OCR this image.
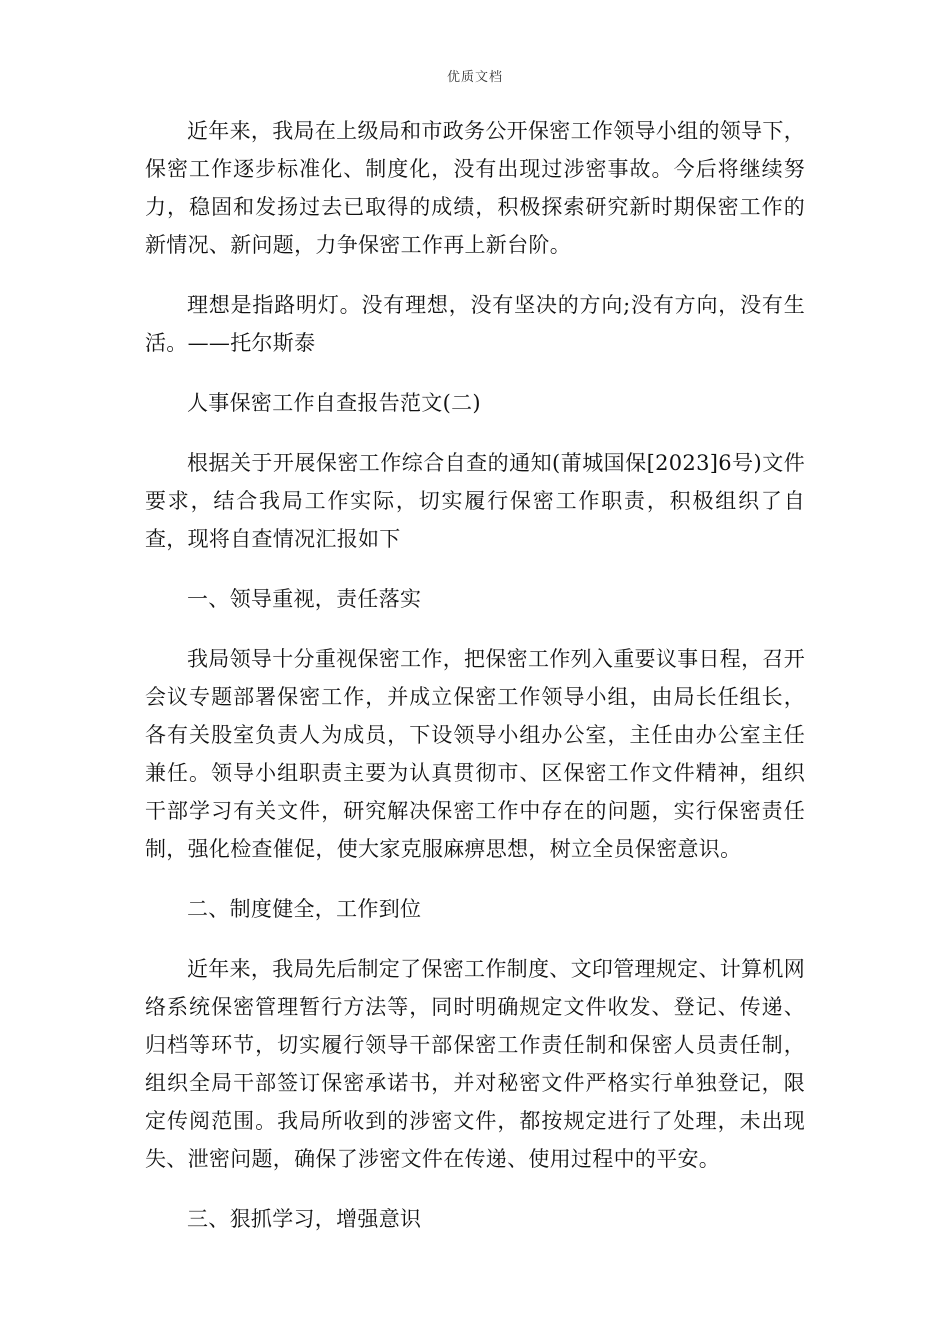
优质文档

近年来，我局在上级局和市政务公开保密工作领导小组的领导下，保密工作逐步标准化、制度化，没有出现过涉密事故。今后将继续努力，稳固和发扬过去已取得的成绩，积极探索研究新时期保密工作的新情况、新问题，力争保密工作再上新台阶。

理想是指路明灯。没有理想，没有坚决的方向;没有方向，没有生活。——托尔斯泰

人事保密工作自查报告范文(二)

根据关于开展保密工作综合自查的通知(莆城国保[2023]6号)文件要求，结合我局工作实际，切实履行保密工作职责，积极组织了自查，现将自查情况汇报如下

一、领导重视，责任落实

我局领导十分重视保密工作，把保密工作列入重要议事日程，召开会议专题部署保密工作，并成立保密工作领导小组，由局长任组长，各有关股室负责人为成员，下设领导小组办公室，主任由办公室主任兼任。领导小组职责主要为认真贯彻市、区保密工作文件精神，组织干部学习有关文件，研究解决保密工作中存在的问题，实行保密责任制，强化检查催促，使大家克服麻痹思想，树立全员保密意识。

二、制度健全，工作到位

近年来，我局先后制定了保密工作制度、文印管理规定、计算机网络系统保密管理暂行方法等，同时明确规定文件收发、登记、传递、归档等环节，切实履行领导干部保密工作责任制和保密人员责任制，组织全局干部签订保密承诺书，并对秘密文件严格实行单独登记，限定传阅范围。我局所收到的涉密文件，都按规定进行了处理，未出现失、泄密问题，确保了涉密文件在传递、使用过程中的平安。

三、狠抓学习，增强意识
